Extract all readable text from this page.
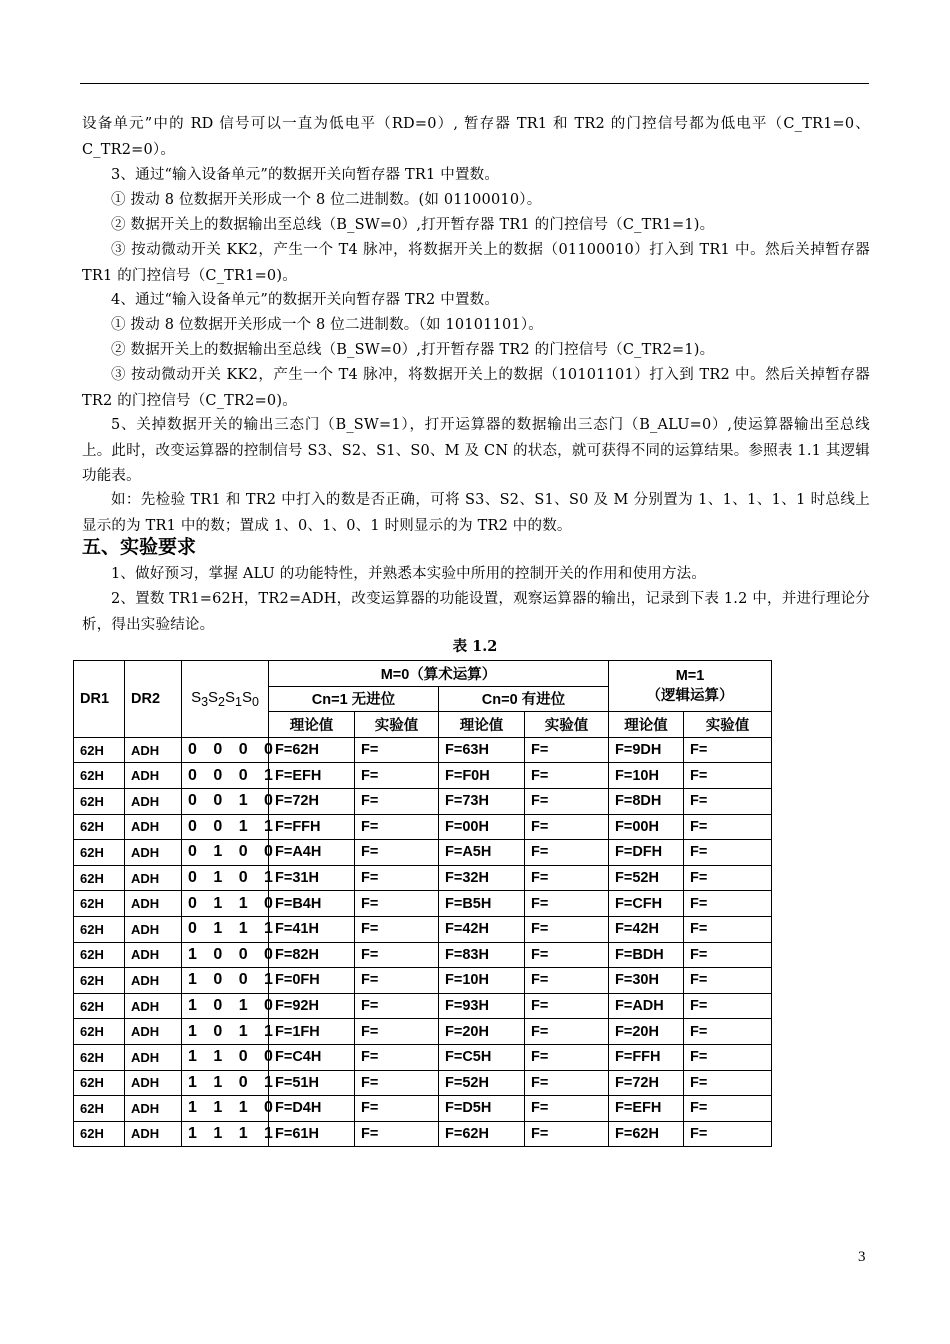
设备单元”中的 RD 信号可以一直为低电平（RD=0）, 暂存器 TR1 和 TR2 的门控信号都为低电平（C_TR1=0、C_TR2=0）。

3、通过“输入设备单元”的数据开关向暂存器 TR1 中置数。

① 拨动 8 位数据开关形成一个 8 位二进制数。(如 01100010）。

② 数据开关上的数据输出至总线（B_SW=0）,打开暂存器 TR1 的门控信号（C_TR1=1)。

③ 按动微动开关 KK2，产生一个 T4 脉冲，将数据开关上的数据（01100010）打入到 TR1 中。然后关掉暂存器 TR1 的门控信号（C_TR1=0)。

4、通过“输入设备单元”的数据开关向暂存器 TR2 中置数。

① 拨动 8 位数据开关形成一个 8 位二进制数。（如 10101101）。

② 数据开关上的数据输出至总线（B_SW=0）,打开暂存器 TR2 的门控信号（C_TR2=1)。

③ 按动微动开关 KK2，产生一个 T4 脉冲，将数据开关上的数据（10101101）打入到 TR2 中。然后关掉暂存器 TR2 的门控信号（C_TR2=0)。

5、关掉数据开关的输出三态门（B_SW=1），打开运算器的数据输出三态门（B_ALU=0）,使运算器输出至总线上。此时，改变运算器的控制信号 S3、S2、S1、S0、M 及 CN 的状态，就可获得不同的运算结果。参照表 1.1 其逻辑功能表。

如：先检验 TR1 和 TR2 中打入的数是否正确，可将 S3、S2、S1、S0 及 M 分别置为 1、1、1、1、1 时总线上显示的为 TR1 中的数；置成 1、0、1、0、1 时则显示的为 TR2 中的数。

五、实验要求

1、做好预习，掌握 ALU 的功能特性，并熟悉本实验中所用的控制开关的作用和使用方法。

2、置数 TR1=62H，TR2=ADH，改变运算器的功能设置，观察运算器的输出，记录到下表 1.2 中，并进行理论分析，得出实验结论。

表 1.2
DR1	DR2	$S_3S_2S_1S_0$	M=0（算术运算）				M=1
（逻辑运算）	

			Cn=1 无进位		Cn=0 有进位			
			理论值	实验值	理论值	实验值	理论值	实验值
62H	ADH	0 0 0 0	F=62H	F=	F=63H	F=	F=9DH	F=
62H	ADH	0 0 0 1	F=EFH	F=	F=F0H	F=	F=10H	F=
62H	ADH	0 0 1 0	F=72H	F=	F=73H	F=	F=8DH	F=
62H	ADH	0 0 1 1	F=FFH	F=	F=00H	F=	F=00H	F=
62H	ADH	0 1 0 0	F=A4H	F=	F=A5H	F=	F=DFH	F=
62H	ADH	0 1 0 1	F=31H	F=	F=32H	F=	F=52H	F=
62H	ADH	0 1 1 0	F=B4H	F=	F=B5H	F=	F=CFH	F=
62H	ADH	0 1 1 1	F=41H	F=	F=42H	F=	F=42H	F=
62H	ADH	1 0 0 0	F=82H	F=	F=83H	F=	F=BDH	F=
62H	ADH	1 0 0 1	F=0FH	F=	F=10H	F=	F=30H	F=
62H	ADH	1 0 1 0	F=92H	F=	F=93H	F=	F=ADH	F=
62H	ADH	1 0 1 1	F=1FH	F=	F=20H	F=	F=20H	F=
62H	ADH	1 1 0 0	F=C4H	F=	F=C5H	F=	F=FFH	F=
62H	ADH	1 1 0 1	F=51H	F=	F=52H	F=	F=72H	F=
62H	ADH	1 1 1 0	F=D4H	F=	F=D5H	F=	F=EFH	F=
62H	ADH	1 1 1 1	F=61H	F=	F=62H	F=	F=62H	F=
3
